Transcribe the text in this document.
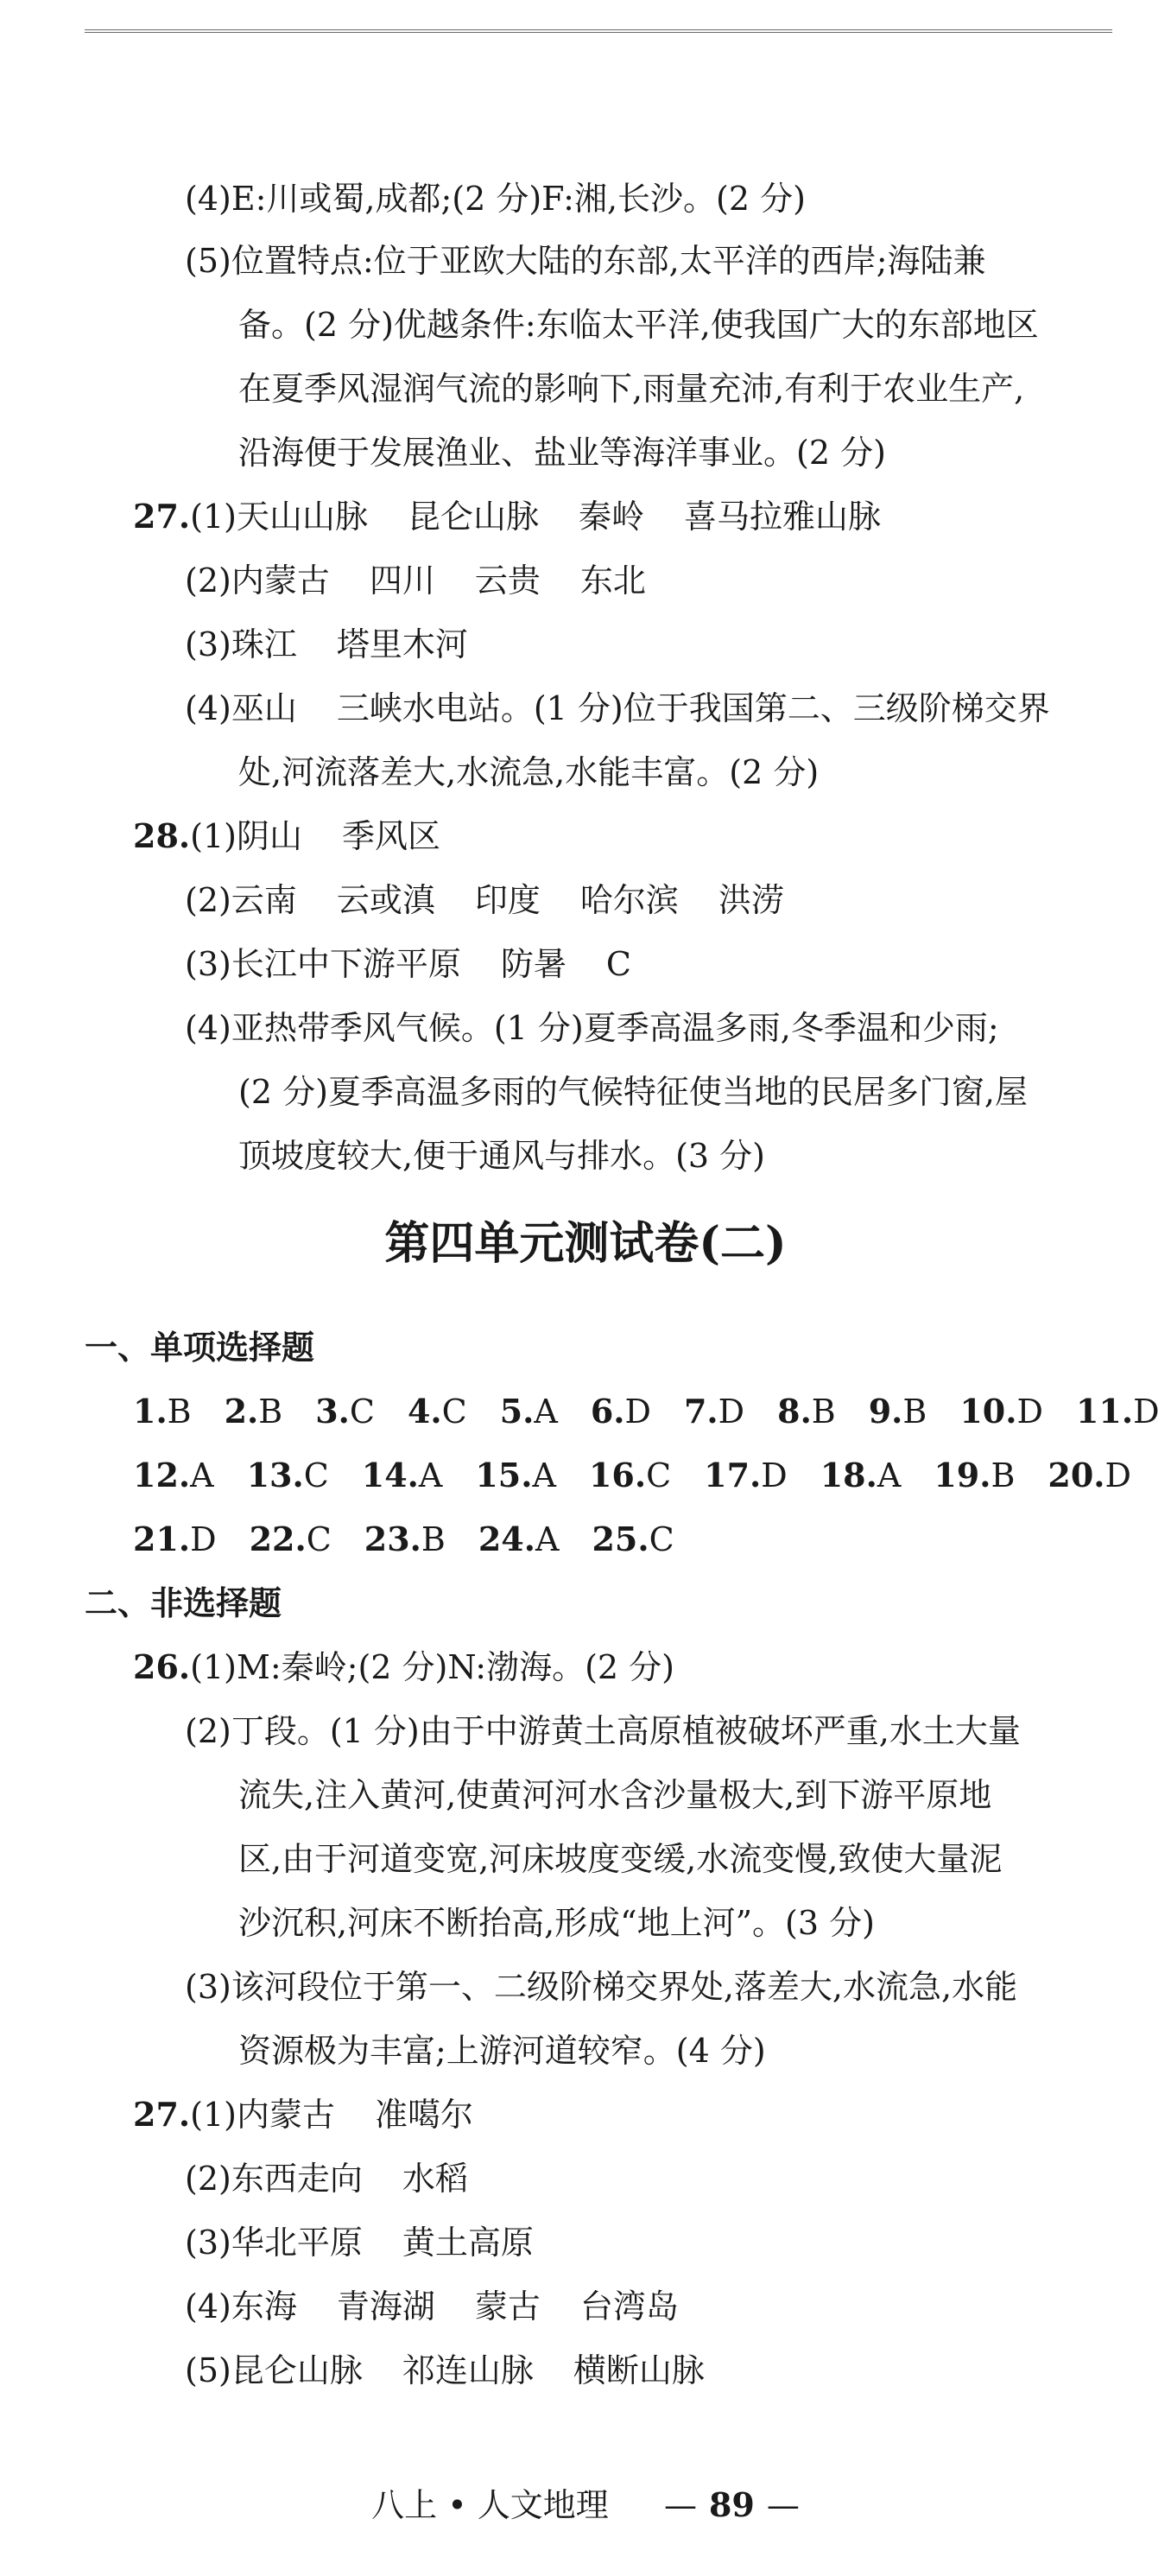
(4)E:川或蜀,成都;(2 分)F:湘,长沙。(2 分)
(5)位置特点:位于亚欧大陆的东部,太平洋的西岸;海陆兼
备。(2 分)优越条件:东临太平洋,使我国广大的东部地区
在夏季风湿润气流的影响下,雨量充沛,有利于农业生产,
沿海便于发展渔业、盐业等海洋事业。(2 分)
27.(1)天山山脉 昆仑山脉 秦岭 喜马拉雅山脉
(2)内蒙古 四川 云贵 东北
(3)珠江 塔里木河
(4)巫山 三峡水电站。(1 分)位于我国第二、三级阶梯交界
处,河流落差大,水流急,水能丰富。(2 分)
28.(1)阴山 季风区
(2)云南 云或滇 印度 哈尔滨 洪涝
(3)长江中下游平原 防暑 C
(4)亚热带季风气候。(1 分)夏季高温多雨,冬季温和少雨;
(2 分)夏季高温多雨的气候特征使当地的民居多门窗,屋
顶坡度较大,便于通风与排水。(3 分)
第四单元测试卷(二)
一、单项选择题
1.B 2.B 3.C 4.C 5.A 6.D 7.D 8.B 9.B 10.D 11.D
12.A 13.C 14.A 15.A 16.C 17.D 18.A 19.B 20.D
21.D 22.C 23.B 24.A 25.C
二、非选择题
26.(1)M:秦岭;(2 分)N:渤海。(2 分)
(2)丁段。(1 分)由于中游黄土高原植被破坏严重,水土大量
流失,注入黄河,使黄河河水含沙量极大,到下游平原地
区,由于河道变宽,河床坡度变缓,水流变慢,致使大量泥
沙沉积,河床不断抬高,形成“地上河”。(3 分)
(3)该河段位于第一、二级阶梯交界处,落差大,水流急,水能
资源极为丰富;上游河道较窄。(4 分)
27.(1)内蒙古 准噶尔
(2)东西走向 水稻
(3)华北平原 黄土高原
(4)东海 青海湖 蒙古 台湾岛
(5)昆仑山脉 祁连山脉 横断山脉
八上 • 人文地理 — 89 —
